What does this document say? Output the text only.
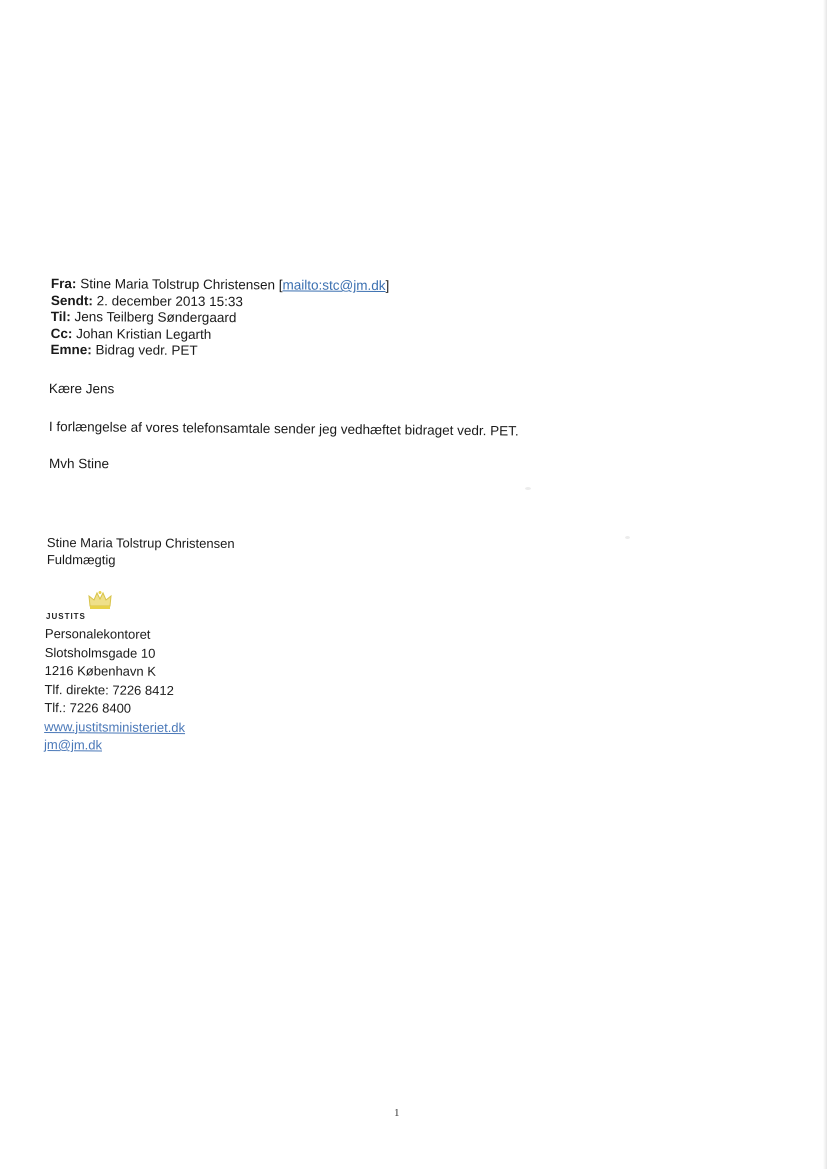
Fra: Stine Maria Tolstrup Christensen [mailto:stc@jm.dk]
Sendt: 2. december 2013 15:33
Til: Jens Teilberg Søndergaard
Cc: Johan Kristian Legarth
Emne: Bidrag vedr. PET
Kære Jens
I forlængelse af vores telefonsamtale sender jeg vedhæftet bidraget vedr. PET.
Mvh Stine
Stine Maria Tolstrup Christensen
Fuldmægtig
JUSTITS
Personalekontoret
Slotsholmsgade 10
1216 København K
Tlf. direkte: 7226 8412
Tlf.: 7226 8400
www.justitsministeriet.dk
jm@jm.dk
1
